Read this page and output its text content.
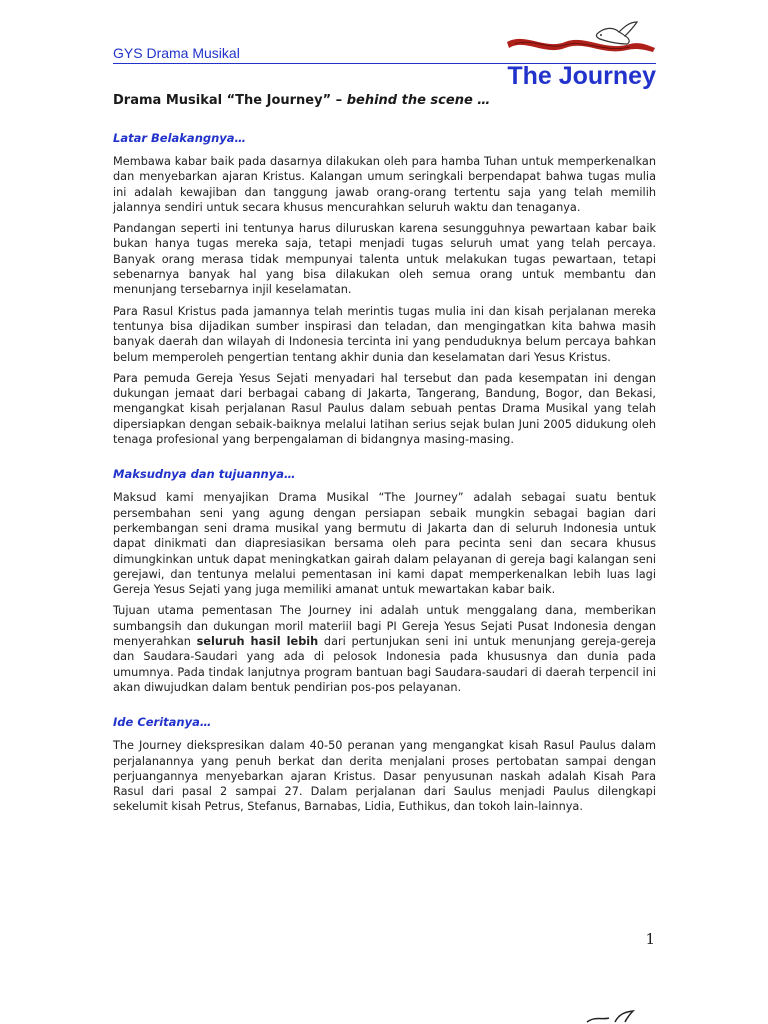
GYS Drama Musikal
The Journey
Drama Musikal “The Journey” – behind the scene …
Latar Belakangnya…

Membawa kabar baik pada dasarnya dilakukan oleh para hamba Tuhan untuk memperkenalkan dan menyebarkan ajaran Kristus. Kalangan umum seringkali berpendapat bahwa tugas mulia ini adalah kewajiban dan tanggung jawab orang-orang tertentu saja yang telah memilih jalannya sendiri untuk secara khusus mencurahkan seluruh waktu dan tenaganya.

Pandangan seperti ini tentunya harus diluruskan karena sesungguhnya pewartaan kabar baik bukan hanya tugas mereka saja, tetapi menjadi tugas seluruh umat yang telah percaya. Banyak orang merasa tidak mempunyai talenta untuk melakukan tugas pewartaan, tetapi sebenarnya banyak hal yang bisa dilakukan oleh semua orang untuk membantu dan menunjang tersebarnya injil keselamatan.

Para Rasul Kristus pada jamannya telah merintis tugas mulia ini dan kisah perjalanan mereka tentunya bisa dijadikan sumber inspirasi dan teladan, dan mengingatkan kita bahwa masih banyak daerah dan wilayah di Indonesia tercinta ini yang penduduknya belum percaya bahkan belum memperoleh pengertian tentang akhir dunia dan keselamatan dari Yesus Kristus.

Para pemuda Gereja Yesus Sejati menyadari hal tersebut dan pada kesempatan ini dengan dukungan jemaat dari berbagai cabang di Jakarta, Tangerang, Bandung, Bogor, dan Bekasi, mengangkat kisah perjalanan Rasul Paulus dalam sebuah pentas Drama Musikal yang telah dipersiapkan dengan sebaik-baiknya melalui latihan serius sejak bulan Juni 2005 didukung oleh tenaga profesional yang berpengalaman di bidangnya masing-masing.

Maksudnya dan tujuannya…

Maksud kami menyajikan Drama Musikal “The Journey” adalah sebagai suatu bentuk persembahan seni yang agung dengan persiapan sebaik mungkin sebagai bagian dari perkembangan seni drama musikal yang bermutu di Jakarta dan di seluruh Indonesia untuk dapat dinikmati dan diapresiasikan bersama oleh para pecinta seni dan secara khusus dimungkinkan untuk dapat meningkatkan gairah dalam pelayanan di gereja bagi kalangan seni gerejawi, dan tentunya melalui pementasan ini kami dapat memperkenalkan lebih luas lagi Gereja Yesus Sejati yang juga memiliki amanat untuk mewartakan kabar baik.

Tujuan utama pementasan The Journey ini adalah untuk menggalang dana, memberikan sumbangsih dan dukungan moril materiil bagi PI Gereja Yesus Sejati Pusat Indonesia dengan menyerahkan seluruh hasil lebih dari pertunjukan seni ini untuk menunjang gereja-gereja dan Saudara-Saudari yang ada di pelosok Indonesia pada khususnya dan dunia pada umumnya. Pada tindak lanjutnya program bantuan bagi Saudara-saudari di daerah terpencil ini akan diwujudkan dalam bentuk pendirian pos-pos pelayanan.

Ide Ceritanya…

The Journey diekspresikan dalam 40-50 peranan yang mengangkat kisah Rasul Paulus dalam perjalanannya yang penuh berkat dan derita menjalani proses pertobatan sampai dengan perjuangannya menyebarkan ajaran Kristus. Dasar penyusunan naskah adalah Kisah Para Rasul dari pasal 2 sampai 27. Dalam perjalanan dari Saulus menjadi Paulus dilengkapi sekelumit kisah Petrus, Stefanus, Barnabas, Lidia, Euthikus, dan tokoh lain-lainnya.

1
